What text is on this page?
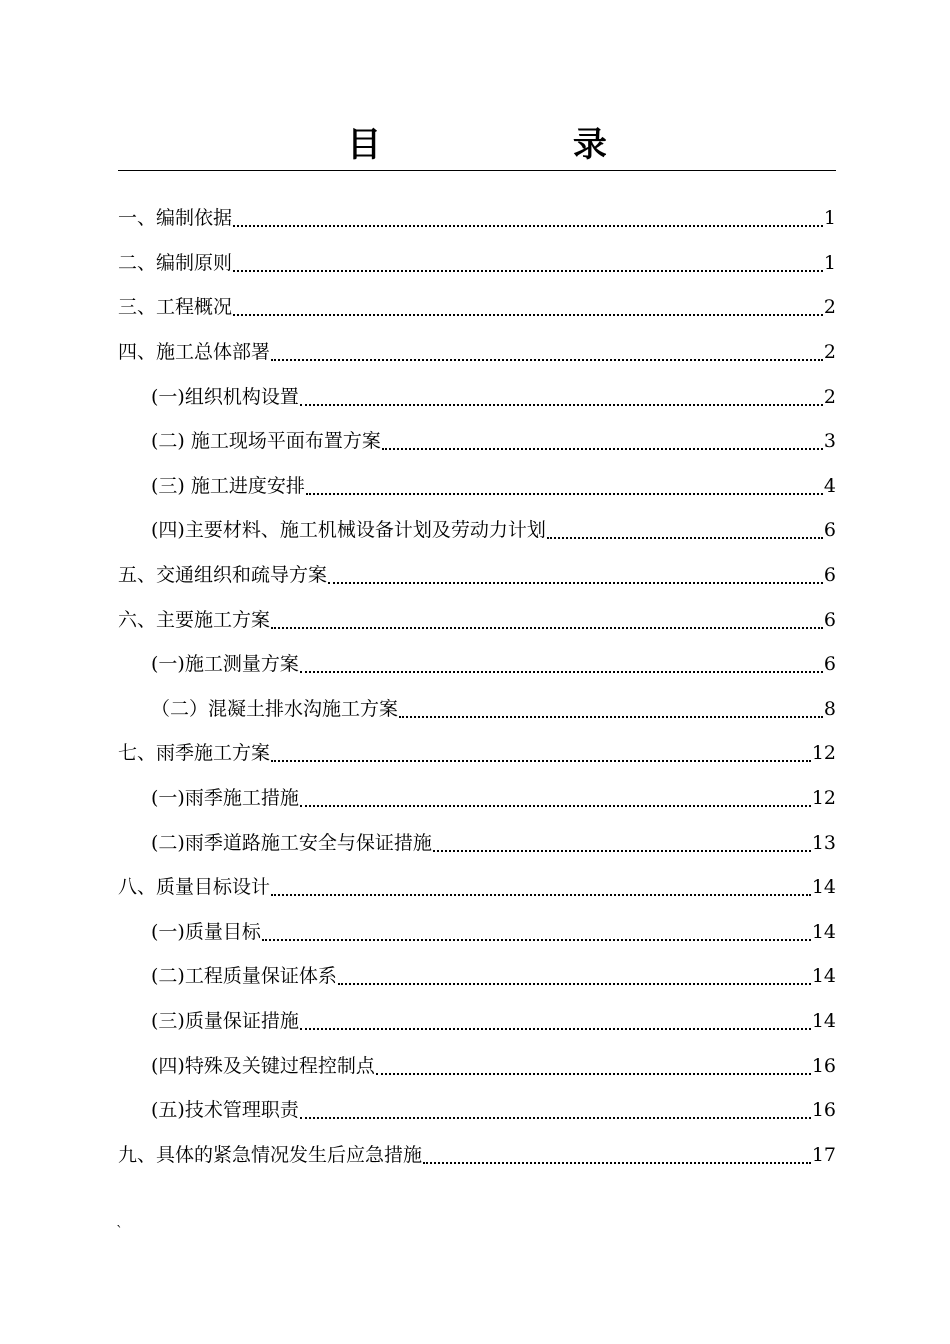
目 录
一、编制依据	1
二、编制原则	1
三、工程概况	2
四、施工总体部署	2
(一)组织机构设置	2
(二) 施工现场平面布置方案	3
(三) 施工进度安排	4
(四)主要材料、施工机械设备计划及劳动力计划	6
五、交通组织和疏导方案	6
六、主要施工方案	6
(一)施工测量方案	6
（二）混凝土排水沟施工方案	8
七、雨季施工方案	12
(一)雨季施工措施	12
(二)雨季道路施工安全与保证措施	13
八、质量目标设计	14
(一)质量目标	14
(二)工程质量保证体系	14
(三)质量保证措施	14
(四)特殊及关键过程控制点	16
(五)技术管理职责	16
九、具体的紧急情况发生后应急措施	17
`
